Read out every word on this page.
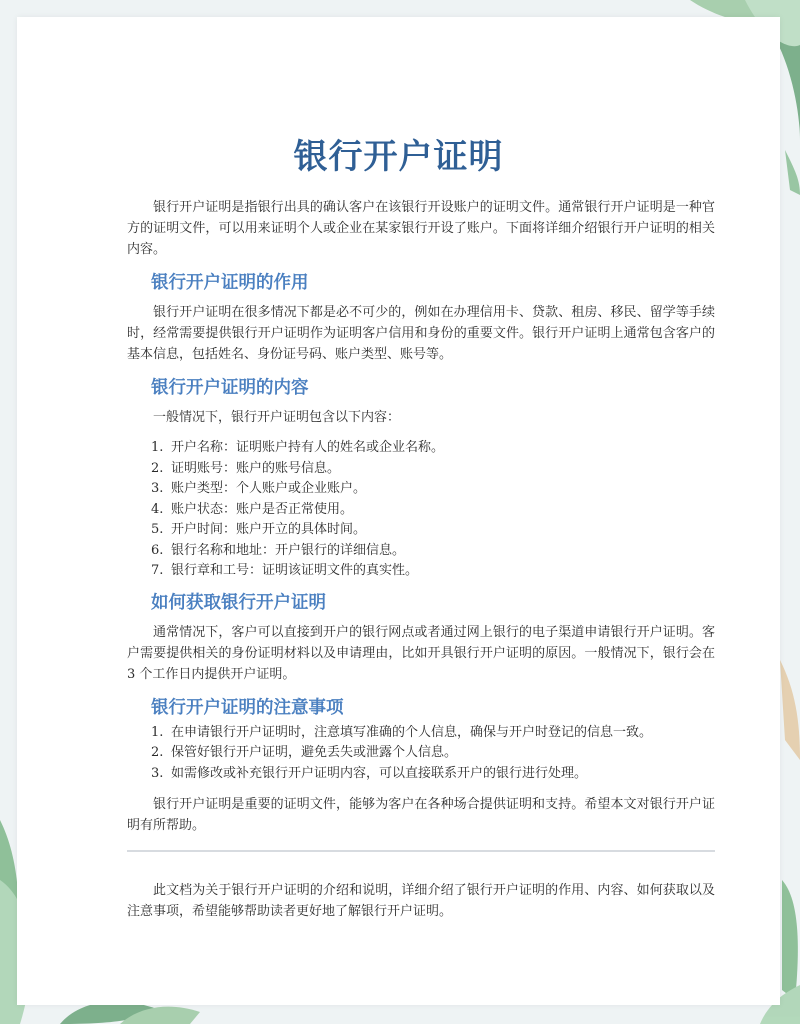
银行开户证明

银行开户证明是指银行出具的确认客户在该银行开设账户的证明文件。通常银行开户证明是一种官方的证明文件，可以用来证明个人或企业在某家银行开设了账户。下面将详细介绍银行开户证明的相关内容。

银行开户证明的作用

银行开户证明在很多情况下都是必不可少的，例如在办理信用卡、贷款、租房、移民、留学等手续时，经常需要提供银行开户证明作为证明客户信用和身份的重要文件。银行开户证明上通常包含客户的基本信息，包括姓名、身份证号码、账户类型、账号等。

银行开户证明的内容

一般情况下，银行开户证明包含以下内容：

1. 开户名称：证明账户持有人的姓名或企业名称。
2. 证明账号：账户的账号信息。
3. 账户类型：个人账户或企业账户。
4. 账户状态：账户是否正常使用。
5. 开户时间：账户开立的具体时间。
6. 银行名称和地址：开户银行的详细信息。
7. 银行章和工号：证明该证明文件的真实性。
如何获取银行开户证明

通常情况下，客户可以直接到开户的银行网点或者通过网上银行的电子渠道申请银行开户证明。客户需要提供相关的身份证明材料以及申请理由，比如开具银行开户证明的原因。一般情况下，银行会在 3 个工作日内提供开户证明。

银行开户证明的注意事项
1. 在申请银行开户证明时，注意填写准确的个人信息，确保与开户时登记的信息一致。
2. 保管好银行开户证明，避免丢失或泄露个人信息。
3. 如需修改或补充银行开户证明内容，可以直接联系开户的银行进行处理。

银行开户证明是重要的证明文件，能够为客户在各种场合提供证明和支持。希望本文对银行开户证明有所帮助。

此文档为关于银行开户证明的介绍和说明，详细介绍了银行开户证明的作用、内容、如何获取以及注意事项，希望能够帮助读者更好地了解银行开户证明。
